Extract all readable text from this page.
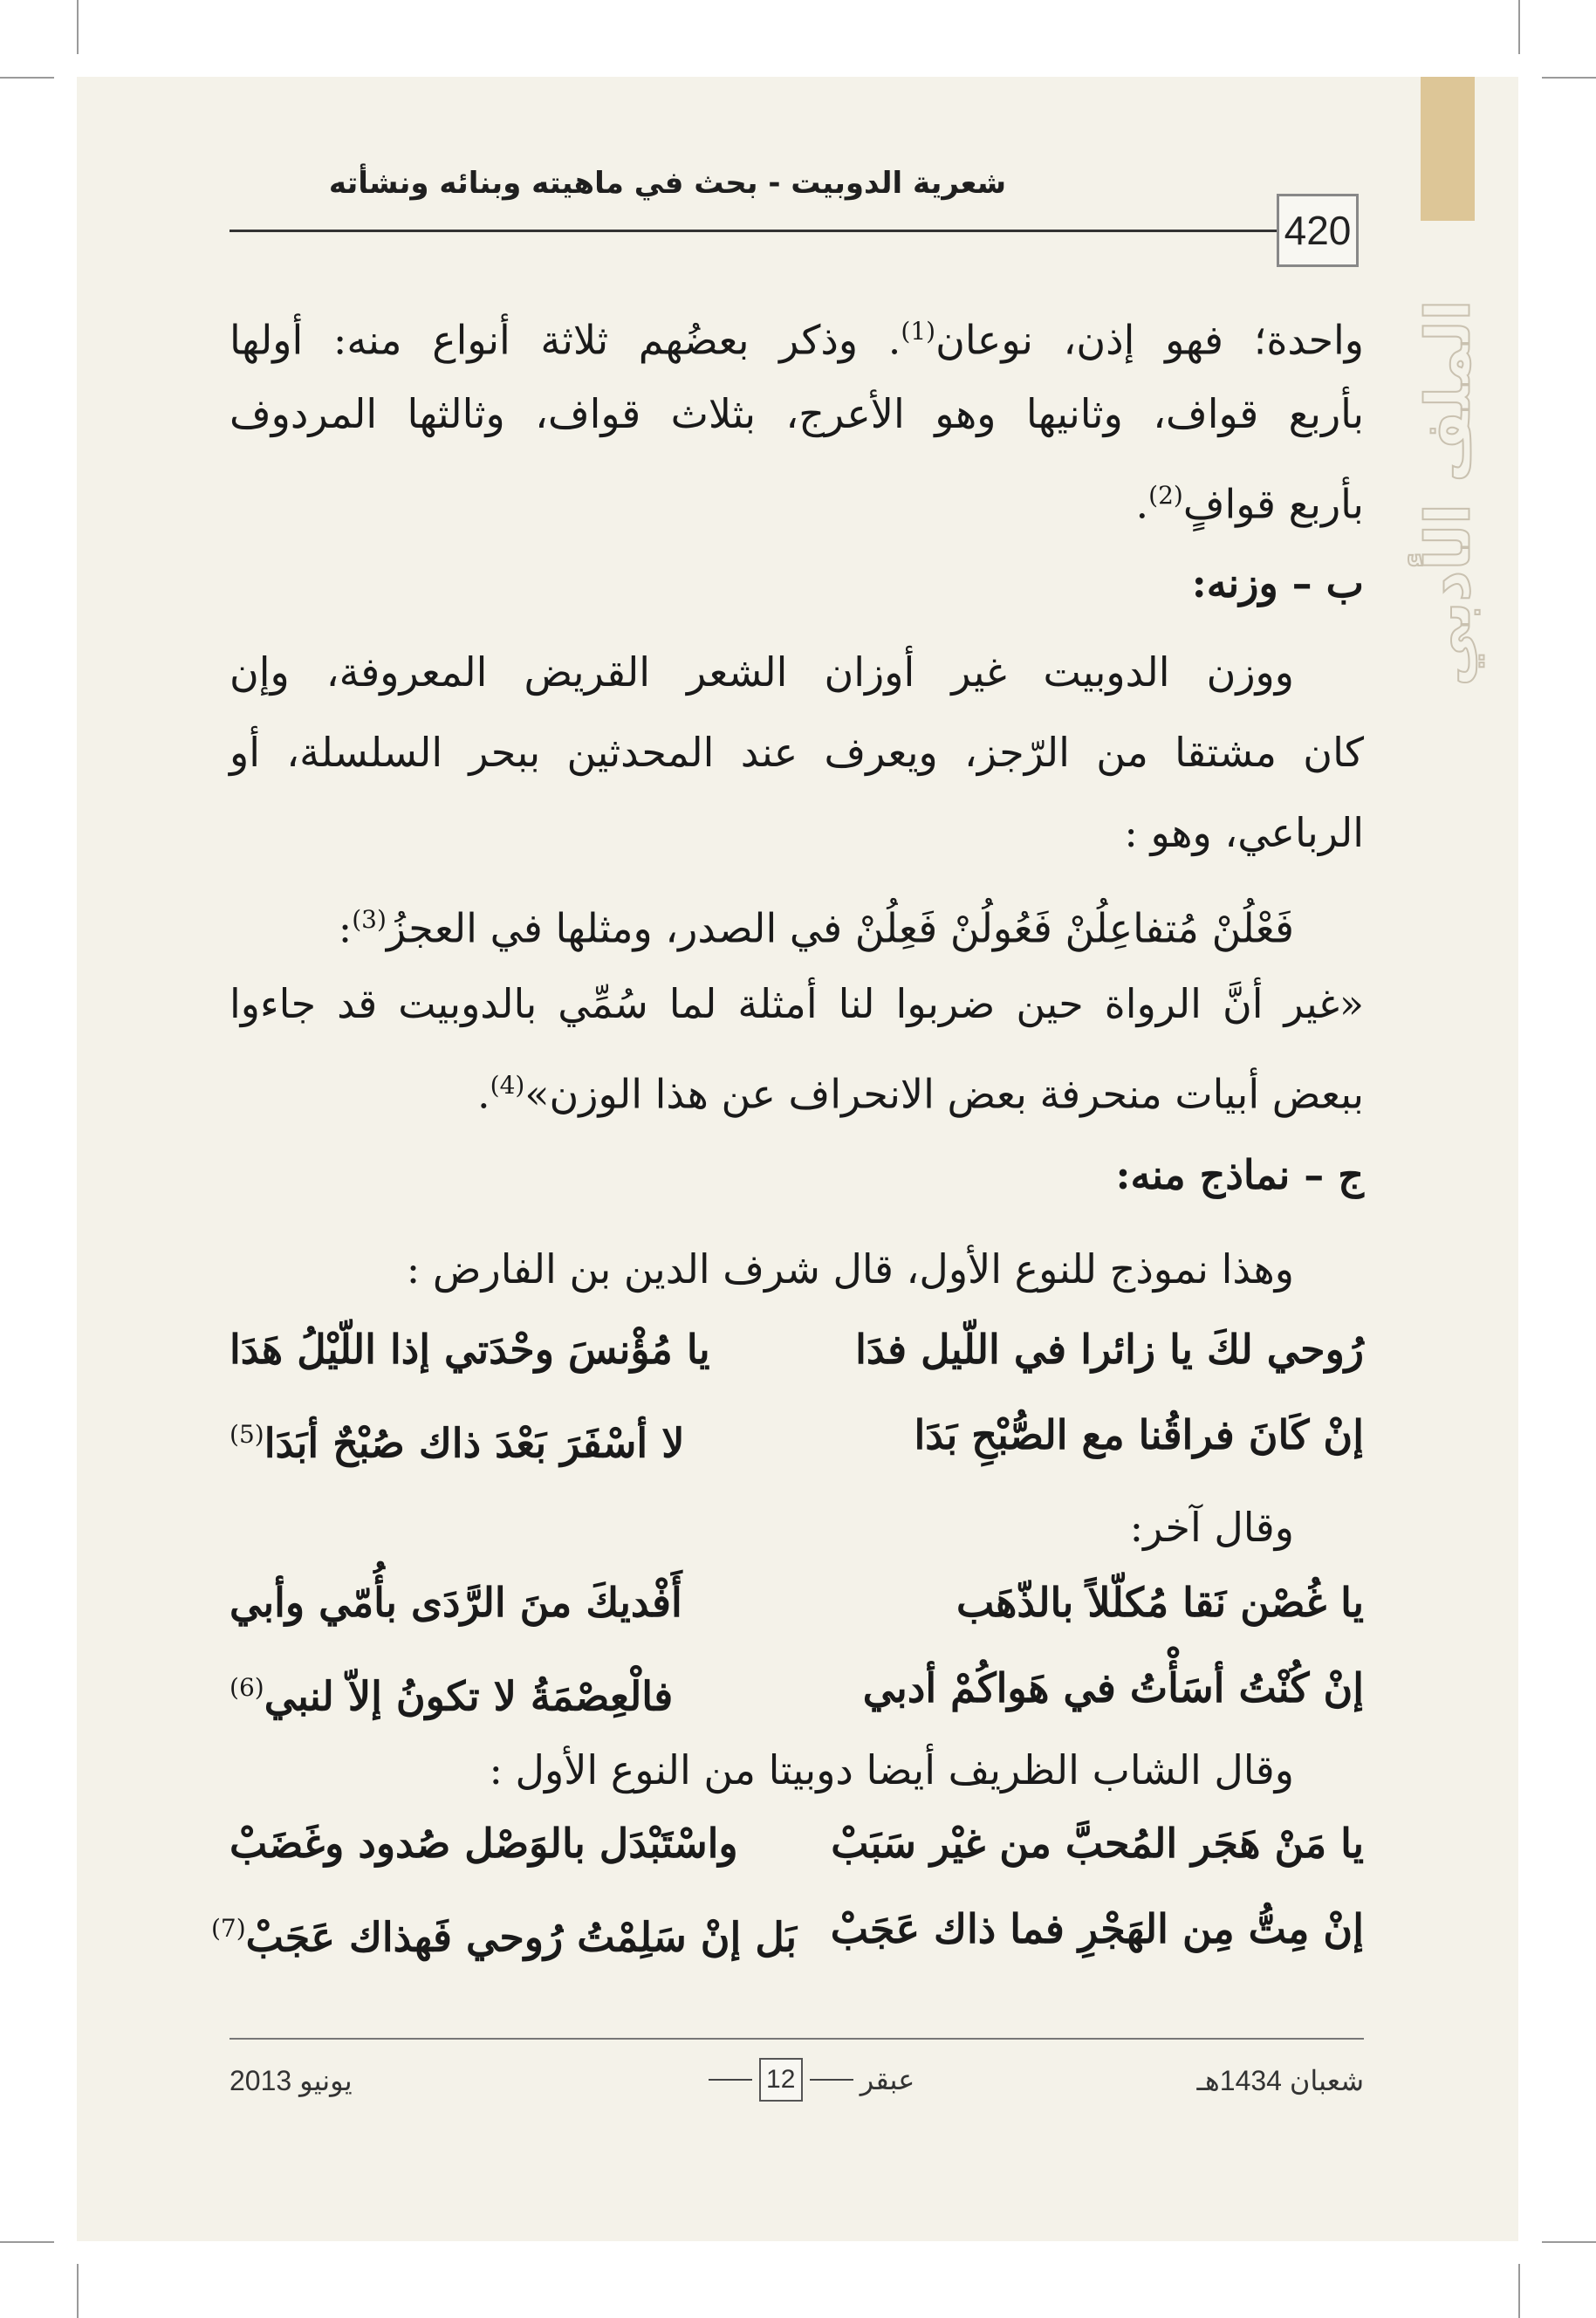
الملف الأدبي
شعرية الدوبيت - بحث في ماهيته وبنائه ونشأته
420
واحدة؛ فهو إذن، نوعان$^{(1)}$. وذكر بعضُهم ثلاثة أنواع منه: أولها
بأربع قواف، وثانيها وهو الأعرج، بثلاث قواف، وثالثها المردوف
بأربع قوافٍ$^{(2)}$.
ب – وزنه:
ووزن الدوبيت غير أوزان الشعر القريض المعروفة، وإن
كان مشتقا من الرّجز، ويعرف عند المحدثين ببحر السلسلة، أو
الرباعي، وهو :
فَعْلُنْ مُتفاعِلُنْ فَعُولُنْ فَعِلُنْ في الصدر، ومثلها في العجزُ$^{(3)}$:
«غير أنَّ الرواة حين ضربوا لنا أمثلة لما سُمِّي بالدوبيت قد جاءوا
ببعض أبيات منحرفة بعض الانحراف عن هذا الوزن»$^{(4)}$.
ج – نماذج منه:
وهذا نموذج للنوع الأول، قال شرف الدين بن الفارض :
رُوحي لكَ يا زائرا في اللّيل فدَا
يا مُؤْنسَ وحْدَتي إذا اللّيْلُ هَدَا
إنْ كَانَ فراقُنا مع الصُّبْحِ بَدَا
لا أسْفَرَ بَعْدَ ذاك صُبْحٌ أبَدَا$^{(5)}$
وقال آخر:
يا غُصْن نَقا مُكلّلاً بالذّهَب
أَفْديكَ منَ الرَّدَى بأُمّي وأبي
إنْ كُنْتُ أسَأْتُ في هَواكُمْ أدبي
فالْعِصْمَةُ لا تكونُ إلاّ لنبي$^{(6)}$
وقال الشاب الظريف أيضا دوبيتا من النوع الأول :
يا مَنْ هَجَر المُحبَّ من غيْر سَبَبْ
واسْتَبْدَل بالوَصْل صُدود وغَضَبْ
إنْ مِتُّ مِن الهَجْرِ فما ذاك عَجَبْ
بَل إنْ سَلِمْتُ رُوحي فَهذاك عَجَبْ$^{(7)}$
شعبان 1434هـ
يونيو 2013	12 عبقر
